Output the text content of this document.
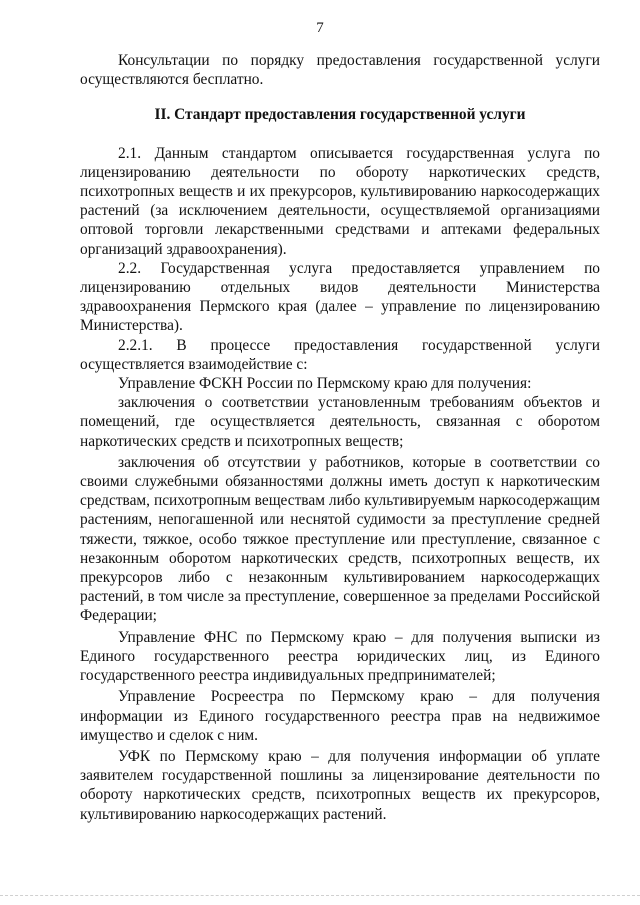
7

Консультации по порядку предоставления государственной услуги осуществляются бесплатно.

II. Стандарт предоставления государственной услуги

2.1. Данным стандартом описывается государственная услуга по лицензированию деятельности по обороту наркотических средств, психотропных веществ и их прекурсоров, культивированию наркосодержащих растений (за исключением деятельности, осуществляемой организациями оптовой торговли лекарственными средствами и аптеками федеральных организаций здравоохранения).

2.2. Государственная услуга предоставляется управлением по лицензированию отдельных видов деятельности Министерства здравоохранения Пермского края (далее – управление по лицензированию Министерства).

2.2.1. В процессе предоставления государственной услуги осуществляется взаимодействие с:

Управление ФСКН России по Пермскому краю для получения:

заключения о соответствии установленным требованиям объектов и помещений, где осуществляется деятельность, связанная с оборотом наркотических средств и психотропных веществ;

заключения об отсутствии у работников, которые в соответствии со своими служебными обязанностями должны иметь доступ к наркотическим средствам, психотропным веществам либо культивируемым наркосодержащим растениям, непогашенной или неснятой судимости за преступление средней тяжести, тяжкое, особо тяжкое преступление или преступление, связанное с незаконным оборотом наркотических средств, психотропных веществ, их прекурсоров либо с незаконным культивированием наркосодержащих растений, в том числе за преступление, совершенное за пределами Российской Федерации;

Управление ФНС по Пермскому краю – для получения выписки из Единого государственного реестра юридических лиц, из Единого государственного реестра индивидуальных предпринимателей;

Управление Росреестра по Пермскому краю – для получения информации из Единого государственного реестра прав на недвижимое имущество и сделок с ним.

УФК по Пермскому краю – для получения информации об уплате заявителем государственной пошлины за лицензирование деятельности по обороту наркотических средств, психотропных веществ их прекурсоров, культивированию наркосодержащих растений.
